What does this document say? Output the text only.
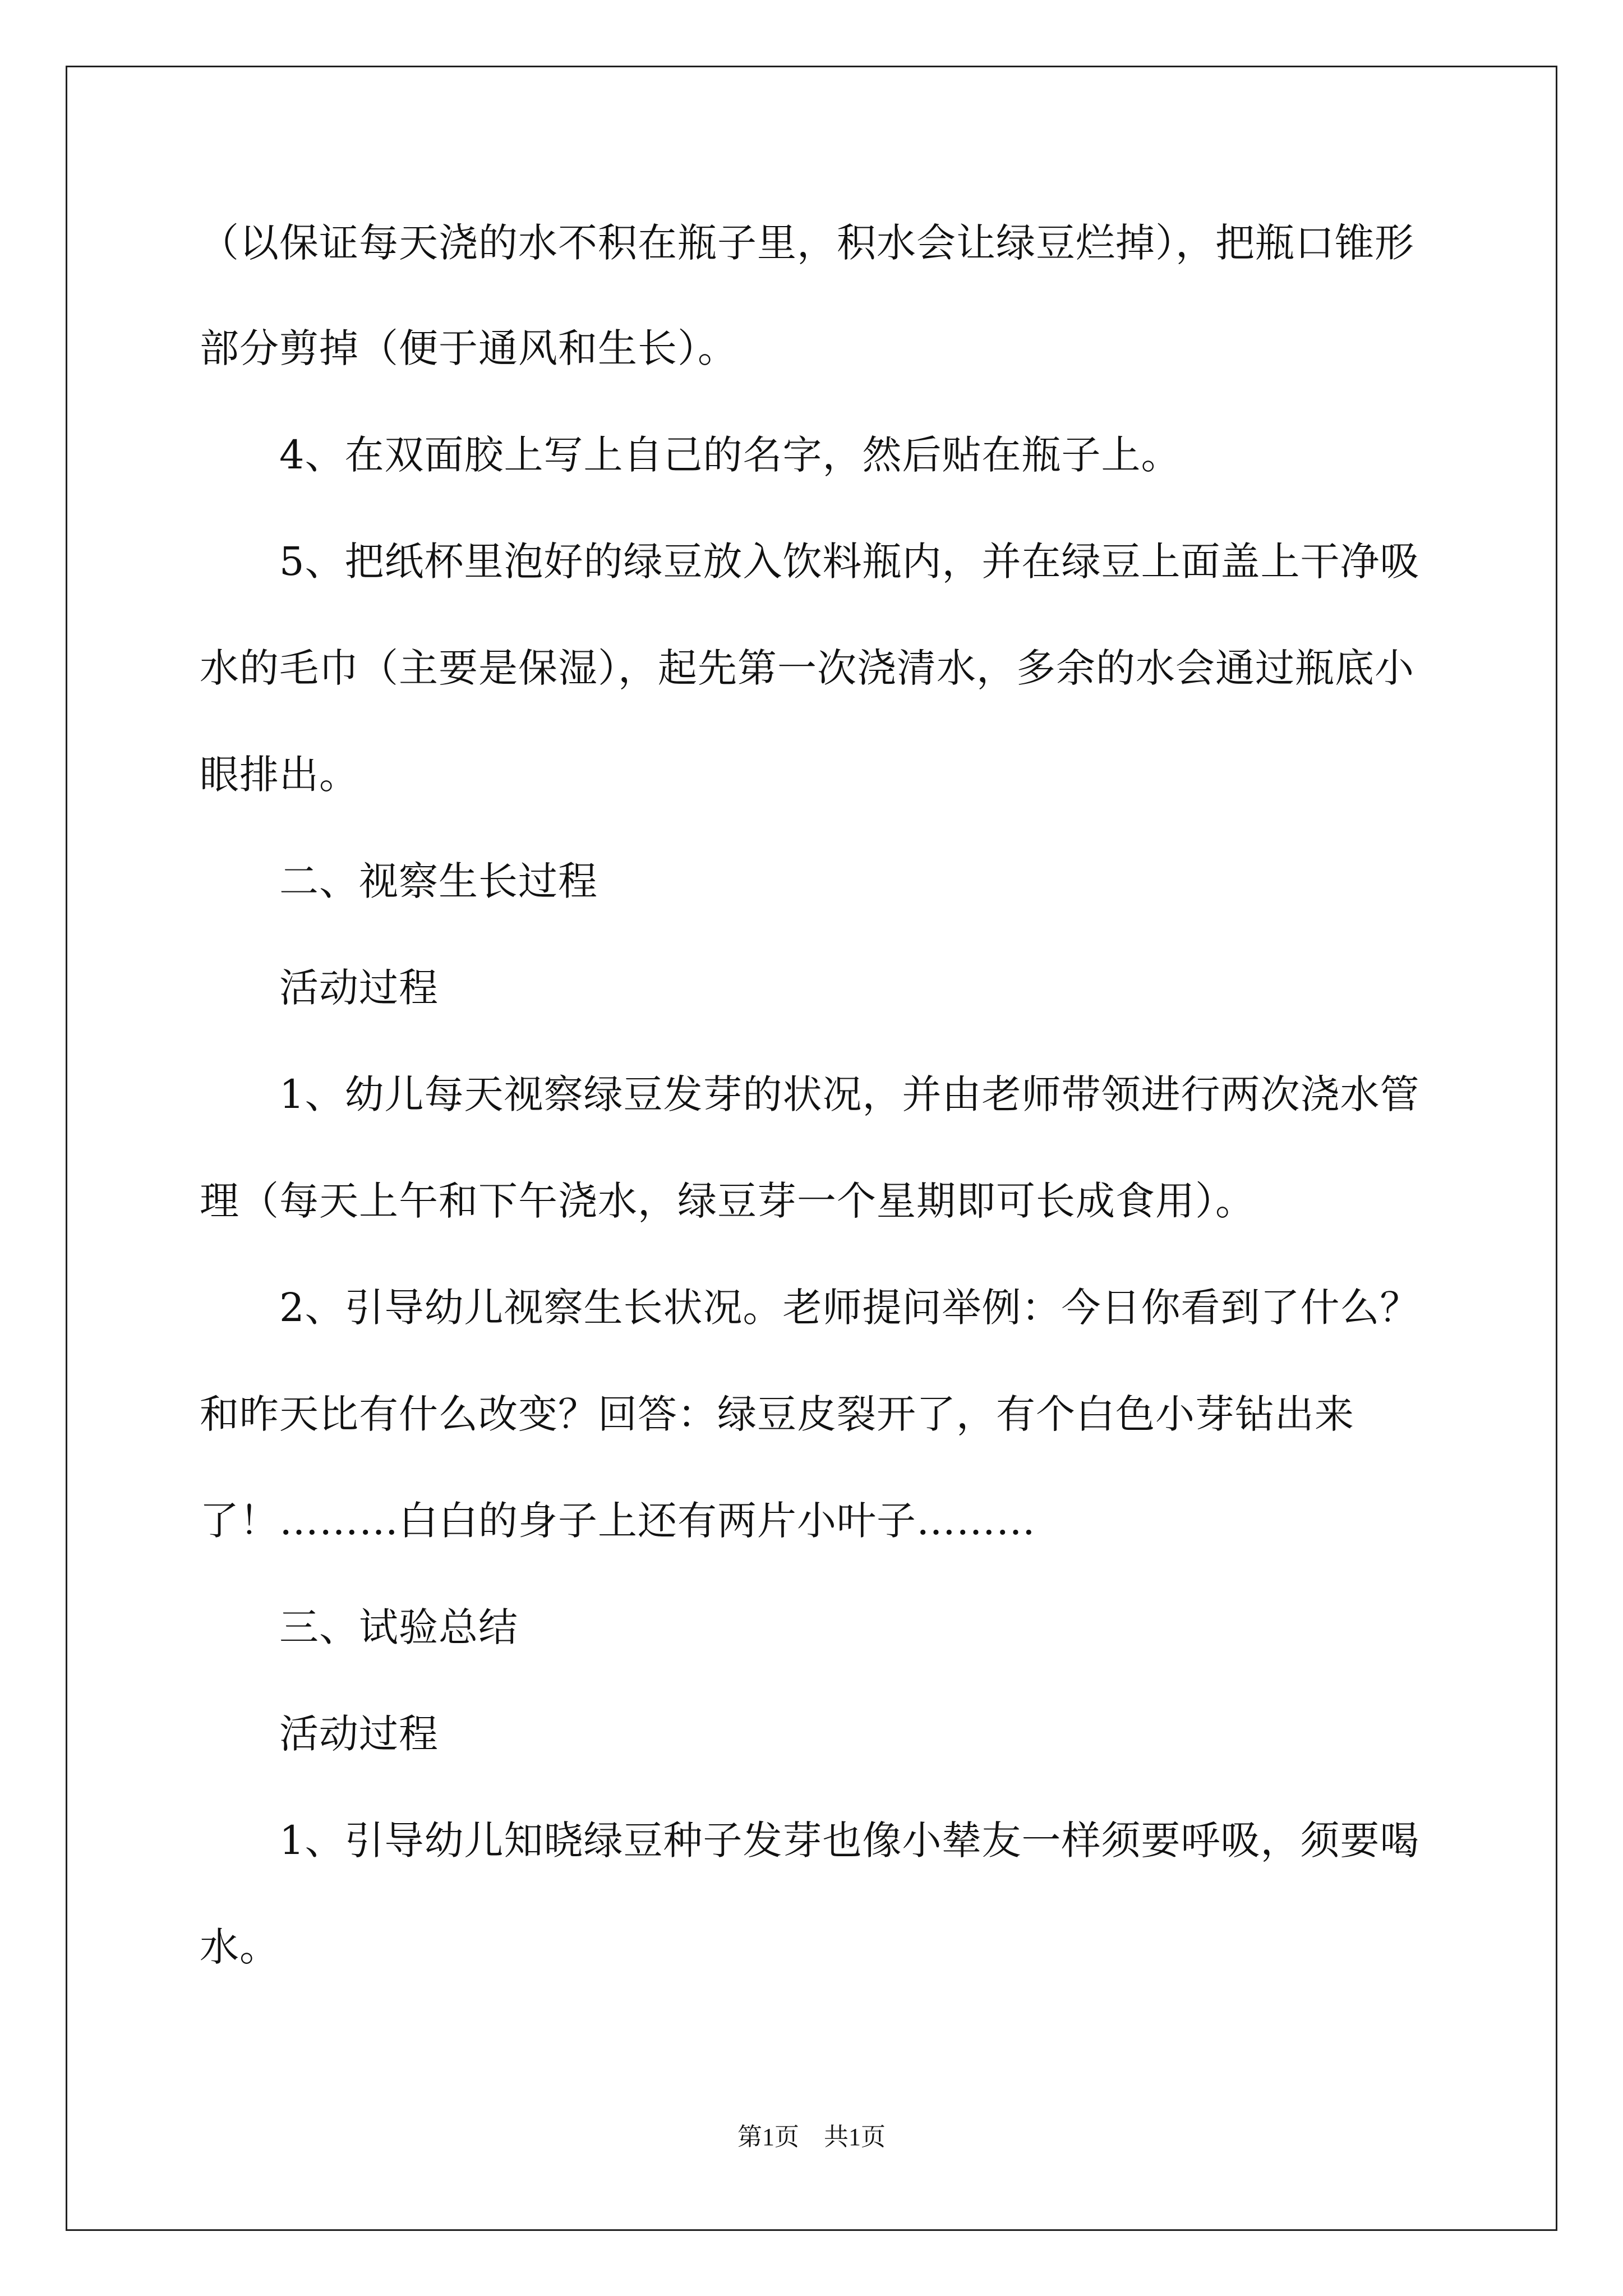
（以保证每天浇的水不积在瓶子里，积水会让绿豆烂掉），把瓶口锥形
部分剪掉（便于通风和生长）。
4、在双面胶上写上自己的名字，然后贴在瓶子上。
5、把纸杯里泡好的绿豆放入饮料瓶内，并在绿豆上面盖上干净吸
水的毛巾（主要是保湿），起先第一次浇清水，多余的水会通过瓶底小
眼排出。
二、视察生长过程
活动过程
1、幼儿每天视察绿豆发芽的状况，并由老师带领进行两次浇水管
理（每天上午和下午浇水，绿豆芽一个星期即可长成食用）。
2、引导幼儿视察生长状况。老师提问举例：今日你看到了什么？
和昨天比有什么改变？回答：绿豆皮裂开了，有个白色小芽钻出来
了！………白白的身子上还有两片小叶子………
三、试验总结
活动过程
1、引导幼儿知晓绿豆种子发芽也像小辇友一样须要呼吸，须要喝
水。
第1页　共1页
